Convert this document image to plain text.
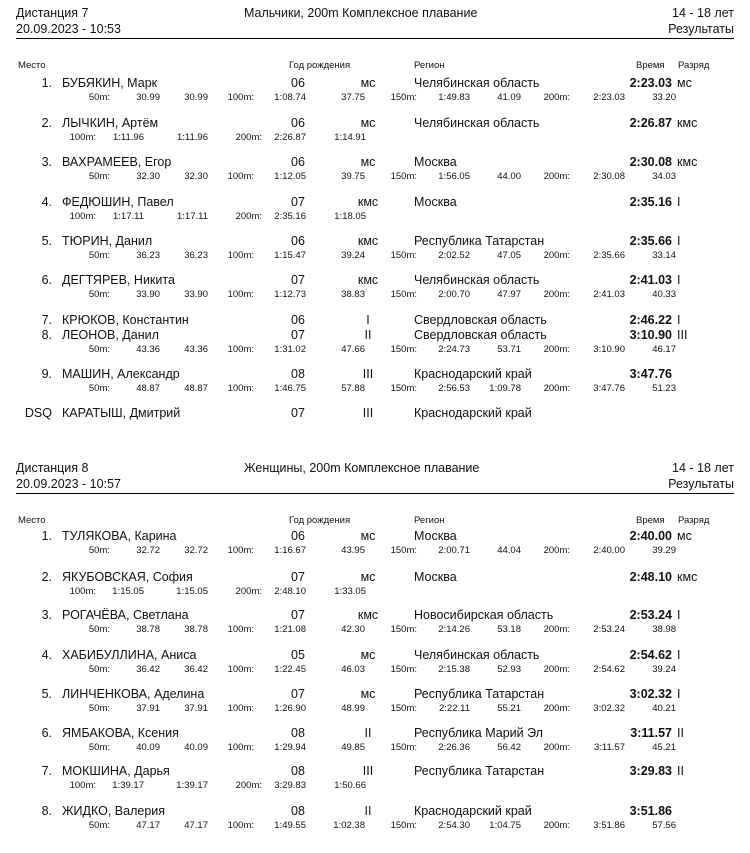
Дистанция 7
20.09.2023 - 10:53
Мальчики, 200m Комплексное плавание	14 - 18 лет
Результаты
Место	Год рождения	Регион	Время Разряд
1. БУБЯКИН, Марк	06	мс	Челябинская область	2:23.03 мс
50m:	30.99	30.99 100m: 1:08.74	37.75	150m: 1:49.83	41.09 200m: 2:23.03	33.20
2. ЛЫЧКИН, Артём	06	мс	Челябинская область	2:26.87 кмс
100m: 1:11.96	1:11.96	200m: 2:26.87	1:14.91
3. ВАХРАМЕЕВ, Егор	06	мс	Москва	2:30.08 кмс
50m:	32.30	32.30 100m: 1:12.05	39.75	150m: 1:56.05	44.00 200m: 2:30.08	34.03
4. ФЕДЮШИН, Павел	07	кмс	Москва	2:35.16 I
100m: 1:17.11	1:17.11	200m: 2:35.16	1:18.05
5. ТЮРИН, Данил	06	кмс	Республика Татарстан	2:35.66 I
50m:	36.23	36.23 100m: 1:15.47	39.24	150m: 2:02.52	47.05 200m: 2:35.66	33.14
6. ДЕГТЯРЕВ, Никита	07	кмс	Челябинская область	2:41.03 I
50m:	33.90	33.90 100m: 1:12.73	38.83	150m: 2:00.70	47.97 200m: 2:41.03	40.33
7. КРЮКОВ, Константин	06	I	Свердловская область	2:46.22 I
8. ЛЕОНОВ, Данил	07	II	Свердловская область	3:10.90 III
50m:	43.36	43.36 100m: 1:31.02	47.66	150m: 2:24.73	53.71 200m: 3:10.90	46.17
9. МАШИН, Александр	08	III	Краснодарский край	3:47.76
50m:	48.87	48.87 100m: 1:46.75	57.88	150m: 2:56.53 1:09.78 200m: 3:47.76	51.23
DSQ КАРАТЫШ, Дмитрий	07	III	Краснодарский край
Дистанция 8
20.09.2023 - 10:57
Женщины, 200m Комплексное плавание	14 - 18 лет
Результаты
Место	Год рождения	Регион	Время Разряд
1. ТУЛЯКОВА, Карина	06	мс	Москва	2:40.00 мс
50m:	32.72	32.72 100m: 1:16.67	43.95	150m: 2:00.71	44.04 200m: 2:40.00	39.29
2. ЯКУБОВСКАЯ, София	07	мс	Москва	2:48.10 кмс
100m: 1:15.05	1:15.05	200m: 2:48.10	1:33.05
3. РОГАЧЁВА, Светлана	07	кмс	Новосибирская область	2:53.24 I
50m:	38.78	38.78 100m: 1:21.08	42.30	150m: 2:14.26	53.18 200m: 2:53.24	38.98
4. ХАБИБУЛЛИНА, Аниса	05	мс	Челябинская область	2:54.62 I
50m:	36.42	36.42 100m: 1:22.45	46.03	150m: 2:15.38	52.93 200m: 2:54.62	39.24
5. ЛИНЧЕНКОВА, Аделина	07	мс	Республика Татарстан	3:02.32 I
50m:	37.91	37.91 100m: 1:26.90	48.99	150m: 2:22.11	55.21 200m: 3:02.32	40.21
6. ЯМБАКОВА, Ксения	08	II	Республика Марий Эл	3:11.57 II
50m:	40.09	40.09 100m: 1:29.94	49.85	150m: 2:26.36	56.42 200m:	3:11.57	45.21
7. МОКШИНА, Дарья	08	III	Республика Татарстан	3:29.83 II
100m: 1:39.17	1:39.17	200m: 3:29.83	1:50.66
8. ЖИДКО, Валерия	08	II	Краснодарский край	3:51.86
50m:	47.17	47.17 100m: 1:49.55	1:02.38	150m: 2:54.30 1:04.75 200m: 3:51.86	57.56
